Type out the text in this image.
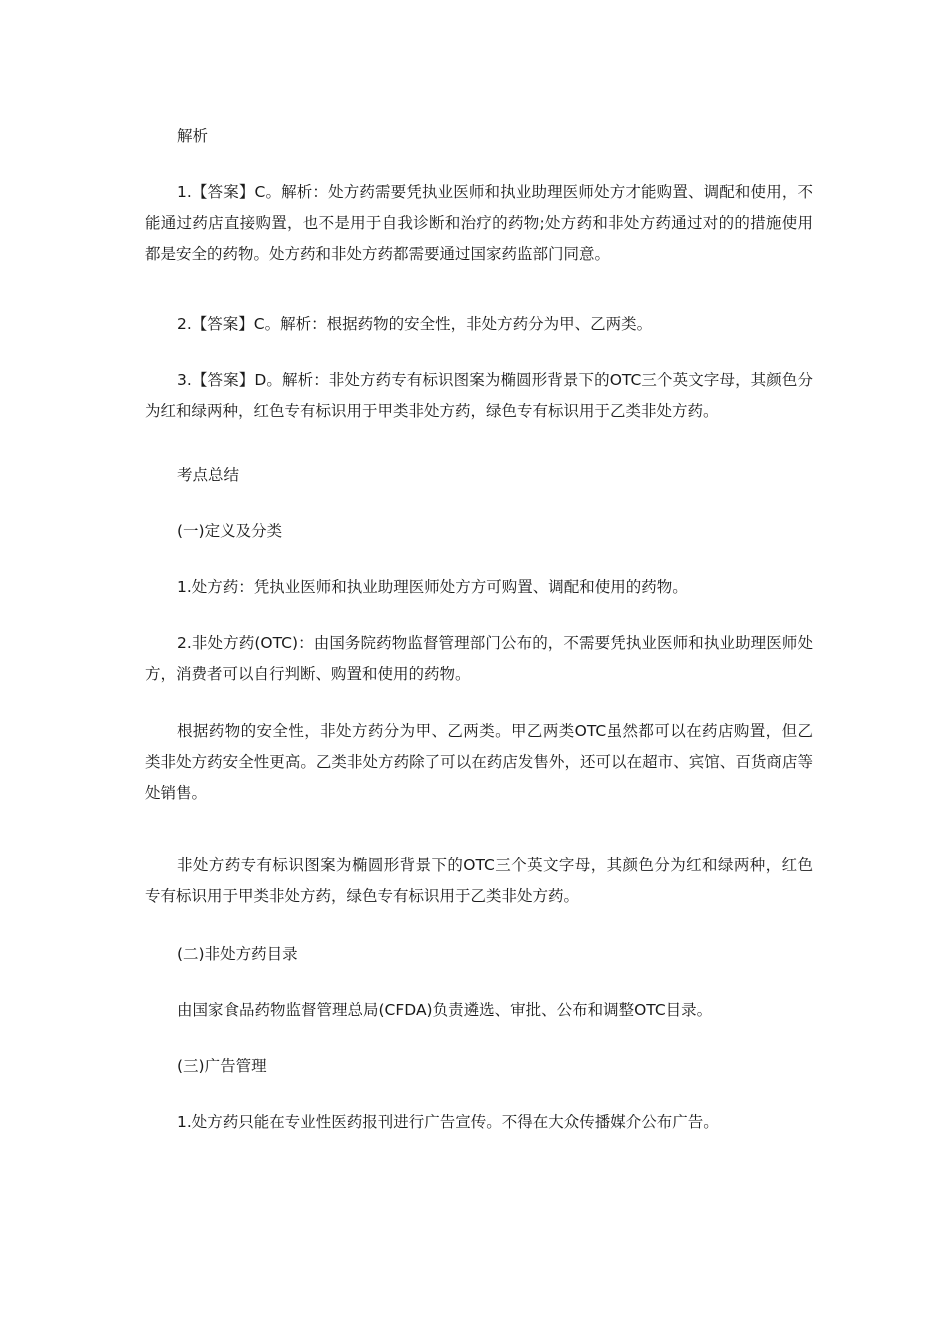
解析

1.【答案】C。解析：处方药需要凭执业医师和执业助理医师处方才能购置、调配和使用，不能通过药店直接购置，也不是用于自我诊断和治疗的药物;处方药和非处方药通过对的的措施使用都是安全的药物。处方药和非处方药都需要通过国家药监部门同意。

2.【答案】C。解析：根据药物的安全性，非处方药分为甲、乙两类。

3.【答案】D。解析：非处方药专有标识图案为椭圆形背景下的OTC三个英文字母，其颜色分为红和绿两种，红色专有标识用于甲类非处方药，绿色专有标识用于乙类非处方药。

考点总结

(一)定义及分类

1.处方药：凭执业医师和执业助理医师处方方可购置、调配和使用的药物。

2.非处方药(OTC)：由国务院药物监督管理部门公布的，不需要凭执业医师和执业助理医师处方，消费者可以自行判断、购置和使用的药物。

根据药物的安全性，非处方药分为甲、乙两类。甲乙两类OTC虽然都可以在药店购置，但乙类非处方药安全性更高。乙类非处方药除了可以在药店发售外，还可以在超市、宾馆、百货商店等处销售。

非处方药专有标识图案为椭圆形背景下的OTC三个英文字母，其颜色分为红和绿两种，红色专有标识用于甲类非处方药，绿色专有标识用于乙类非处方药。

(二)非处方药目录

由国家食品药物监督管理总局(CFDA)负责遴选、审批、公布和调整OTC目录。

(三)广告管理

1.处方药只能在专业性医药报刊进行广告宣传。不得在大众传播媒介公布广告。
